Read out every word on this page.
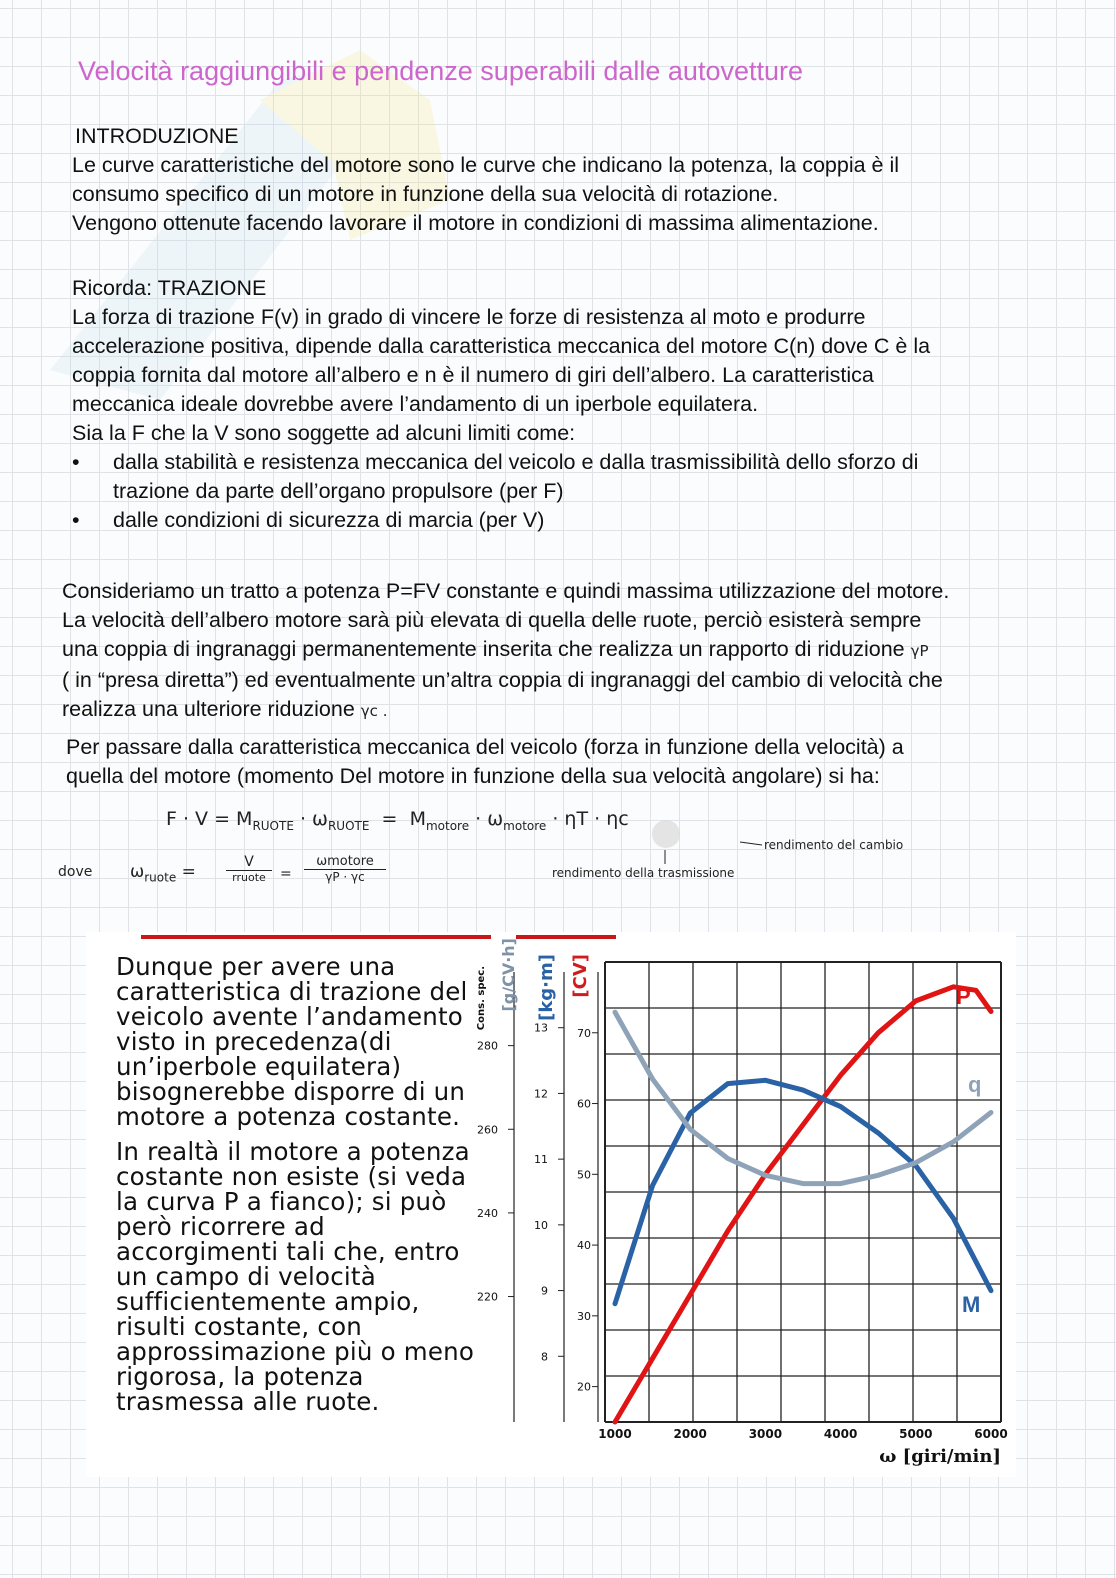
Velocità raggiungibili e pendenze superabili dalle autovetture
INTRODUZIONE
Le curve caratteristiche del motore sono le curve che indicano la potenza, la coppia è il
consumo specifico di un motore in funzione della sua velocità di rotazione.
Vengono ottenute facendo lavorare il motore in condizioni di massima alimentazione.
Ricorda: TRAZIONE
La forza di trazione F(v) in grado di vincere le forze di resistenza al moto e produrre
accelerazione positiva, dipende dalla caratteristica meccanica del motore C(n) dove C è la
coppia fornita dal motore all’albero e n è il numero di giri dell’albero. La caratteristica
meccanica ideale dovrebbe avere l’andamento di un iperbole equilatera.
Sia la F che la V sono soggette ad alcuni limiti come:
• dalla stabilità e resistenza meccanica del veicolo e dalla trasmissibilità dello sforzo di
trazione da parte dell’organo propulsore (per F)
• dalle condizioni di sicurezza di marcia (per V)
Consideriamo un tratto a potenza P=FV constante e quindi massima utilizzazione del motore.
La velocità dell’albero motore sarà più elevata di quella delle ruote, perciò esisterà sempre
una coppia di ingranaggi permanentemente inserita che realizza un rapporto di riduzione γP
( in “presa diretta”) ed eventualmente un’altra coppia di ingranaggi del cambio di velocità che
realizza una ulteriore riduzione γc .
Per passare dalla caratteristica meccanica del veicolo (forza in funzione della velocità) a
quella del motore (momento Del motore in funzione della sua velocità angolare) si ha:
$F \cdot V = M_{RUOTE} \cdot \omega_{RUOTE} = M_{motore} \cdot \omega_{motore} \cdot \eta T \cdot \eta c$
rendimento del cambio
rendimento della trasmissione
dove $\omega_{ruote}$ =	V
rruote	=
ωmotore
γP · γc

Dunque per avere una caratteristica di trazione del veicolo avente l’andamento visto in precedenza(di un’iperbole equilatera) bisognerebbe disporre di un motore a potenza costante.

In realtà il motore a potenza costante non esiste (si veda la curva P a fianco); si può però ricorrere ad accorgimenti tali che, entro un campo di velocità sufficientemente ampio, risulti costante, con approssimazione più o meno rigorosa, la potenza trasmessa alle ruote.

1000	2000	3000	4000	5000	6000
ω [giri/min]
20
30
40
50
60
70
8
9
10
11
12
13
220
240
260
280
[CV]
[kg·m]
[g/CV·h]
Cons. spec.	P
M
q
